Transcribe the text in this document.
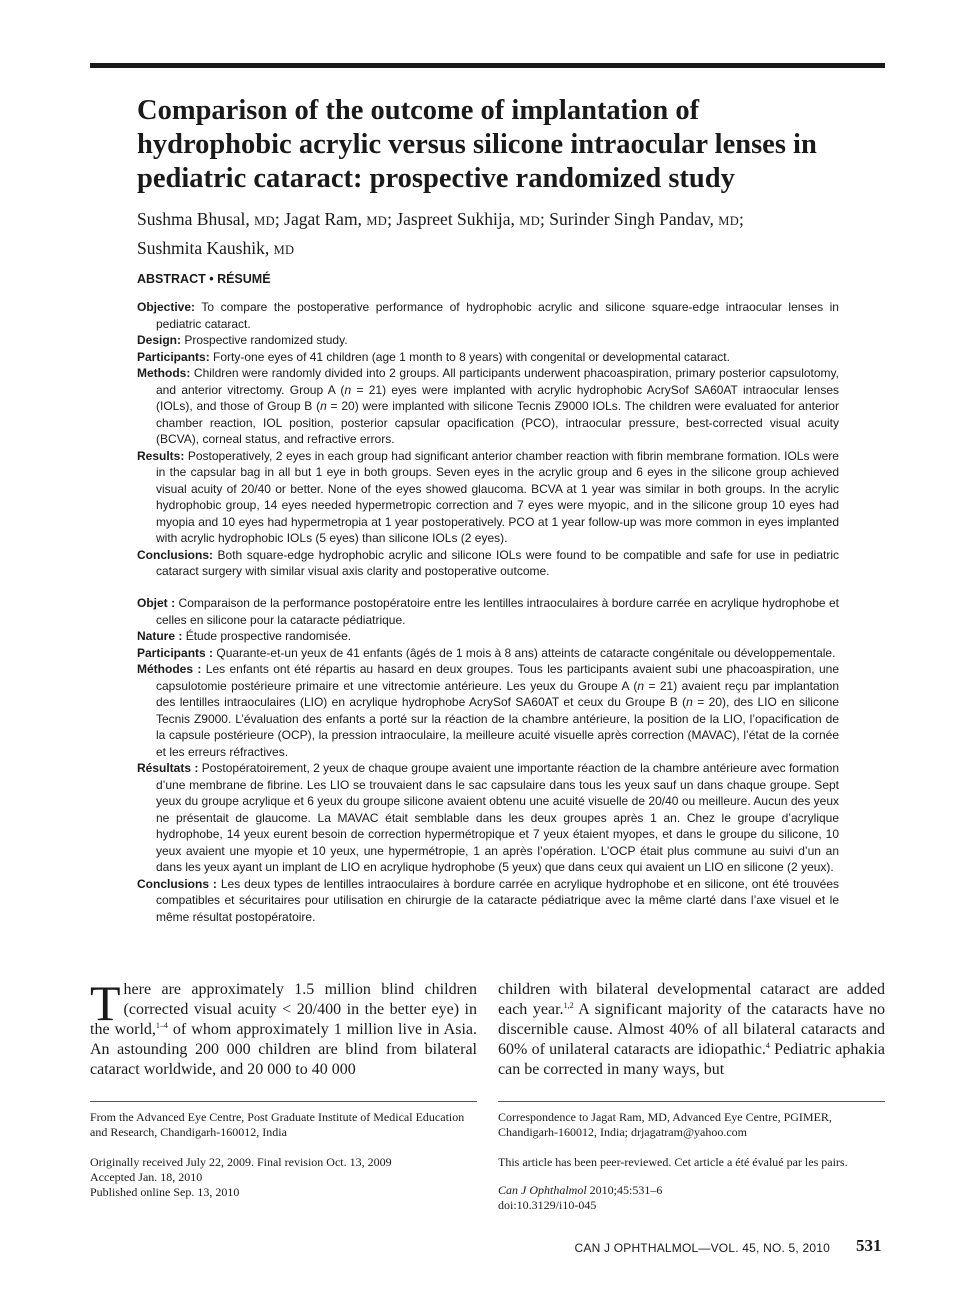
Comparison of the outcome of implantation of hydrophobic acrylic versus silicone intraocular lenses in pediatric cataract: prospective randomized study
Sushma Bhusal, MD; Jagat Ram, MD; Jaspreet Sukhija, MD; Surinder Singh Pandav, MD;
Sushmita Kaushik, MD
ABSTRACT • RÉSUMÉ

Objective: To compare the postoperative performance of hydrophobic acrylic and silicone square-edge intraocular lenses in pediatric cataract.

Design: Prospective randomized study.

Participants: Forty-one eyes of 41 children (age 1 month to 8 years) with congenital or developmental cataract.

Methods: Children were randomly divided into 2 groups. All participants underwent phacoaspiration, primary posterior capsulotomy, and anterior vitrectomy. Group A (n = 21) eyes were implanted with acrylic hydrophobic AcrySof SA60AT intraocular lenses (IOLs), and those of Group B (n = 20) were implanted with silicone Tecnis Z9000 IOLs. The children were evaluated for anterior chamber reaction, IOL position, posterior capsular opacification (PCO), intraocular pressure, best-corrected visual acuity (BCVA), corneal status, and refractive errors.

Results: Postoperatively, 2 eyes in each group had significant anterior chamber reaction with fibrin membrane formation. IOLs were in the capsular bag in all but 1 eye in both groups. Seven eyes in the acrylic group and 6 eyes in the silicone group achieved visual acuity of 20/40 or better. None of the eyes showed glaucoma. BCVA at 1 year was similar in both groups. In the acrylic hydrophobic group, 14 eyes needed hypermetropic correction and 7 eyes were myopic, and in the silicone group 10 eyes had myopia and 10 eyes had hypermetropia at 1 year postoperatively. PCO at 1 year follow-up was more common in eyes implanted with acrylic hydrophobic IOLs (5 eyes) than silicone IOLs (2 eyes).

Conclusions: Both square-edge hydrophobic acrylic and silicone IOLs were found to be compatible and safe for use in pediatric cataract surgery with similar visual axis clarity and postoperative outcome.

Objet : Comparaison de la performance postopératoire entre les lentilles intraoculaires à bordure carrée en acrylique hydrophobe et celles en silicone pour la cataracte pédiatrique.

Nature : Étude prospective randomisée.

Participants : Quarante-et-un yeux de 41 enfants (âgés de 1 mois à 8 ans) atteints de cataracte congénitale ou développementale.

Méthodes : Les enfants ont été répartis au hasard en deux groupes. Tous les participants avaient subi une phacoaspiration, une capsulotomie postérieure primaire et une vitrectomie antérieure. Les yeux du Groupe A (n = 21) avaient reçu par implantation des lentilles intraoculaires (LIO) en acrylique hydrophobe AcrySof SA60AT et ceux du Groupe B (n = 20), des LIO en silicone Tecnis Z9000. L’évaluation des enfants a porté sur la réaction de la chambre antérieure, la position de la LIO, l’opacification de la capsule postérieure (OCP), la pression intraoculaire, la meilleure acuité visuelle après correction (MAVAC), l’état de la cornée et les erreurs réfractives.

Résultats : Postopératoirement, 2 yeux de chaque groupe avaient une importante réaction de la chambre antérieure avec formation d’une membrane de fibrine. Les LIO se trouvaient dans le sac capsulaire dans tous les yeux sauf un dans chaque groupe. Sept yeux du groupe acrylique et 6 yeux du groupe silicone avaient obtenu une acuité visuelle de 20/40 ou meilleure. Aucun des yeux ne présentait de glaucome. La MAVAC était semblable dans les deux groupes après 1 an. Chez le groupe d’acrylique hydrophobe, 14 yeux eurent besoin de correction hypermétropique et 7 yeux étaient myopes, et dans le groupe du silicone, 10 yeux avaient une myopie et 10 yeux, une hypermétropie, 1 an après l’opération. L’OCP était plus commune au suivi d’un an dans les yeux ayant un implant de LIO en acrylique hydrophobe (5 yeux) que dans ceux qui avaient un LIO en silicone (2 yeux).

Conclusions : Les deux types de lentilles intraoculaires à bordure carrée en acrylique hydrophobe et en silicone, ont été trouvées compatibles et sécuritaires pour utilisation en chirurgie de la cataracte pédiatrique avec la même clarté dans l’axe visuel et le même résultat postopératoire.

There are approximately 1.5 million blind children (corrected visual acuity < 20/400 in the better eye) in the world,$^{1-4}$ of whom approximately 1 million live in Asia. An astounding 200 000 children are blind from bilateral cataract worldwide, and 20 000 to 40 000

children with bilateral developmental cataract are added each year.$^{1,2}$ A significant majority of the cataracts have no discernible cause. Almost 40% of all bilateral cataracts and 60% of unilateral cataracts are idiopathic.$^4$ Pediatric aphakia can be corrected in many ways, but

From the Advanced Eye Centre, Post Graduate Institute of Medical Education and Research, Chandigarh-160012, India
Originally received July 22, 2009. Final revision Oct. 13, 2009
Accepted Jan. 18, 2010
Published online Sep. 13, 2010
Correspondence to Jagat Ram, MD, Advanced Eye Centre, PGIMER, Chandigarh-160012, India; drjagatram@yahoo.com
This article has been peer-reviewed. Cet article a été évalué par les pairs.
Can J Ophthalmol 2010;45:531–6
doi:10.3129/i10-045
CAN J OPHTHALMOL—VOL. 45, NO. 5, 2010 531
